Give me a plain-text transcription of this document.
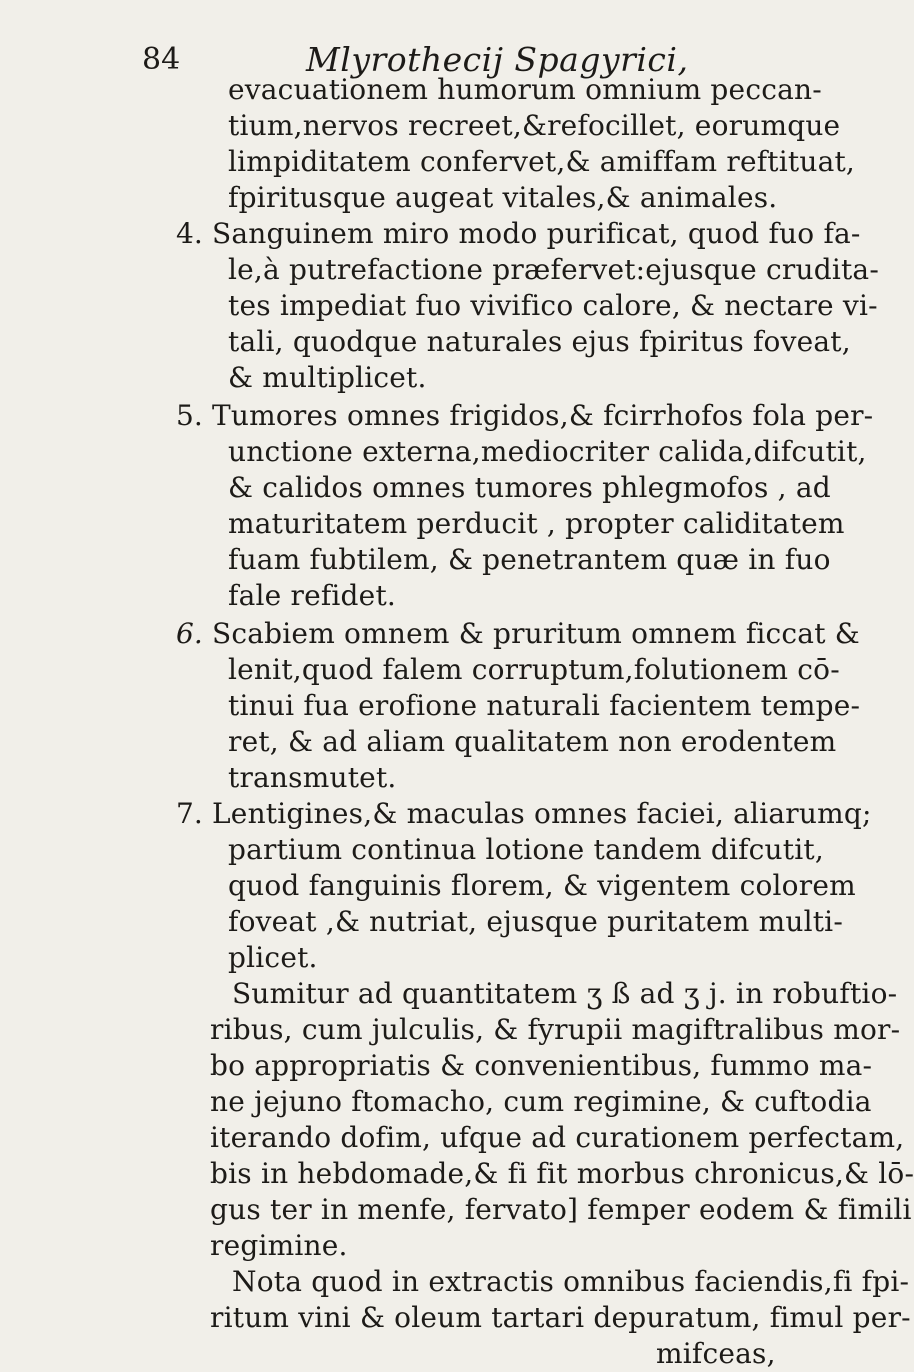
84	Mlyrothecij Spagyrici,
evacuationem humorum omnium peccan-
tium,nervos recreet,&refocillet, eorumque
limpiditatem confervet,& amiffam reftituat,
fpiritusque augeat vitales,& animales.
4. Sanguinem miro modo purificat, quod fuo fa-
le,à putrefactione præfervet:ejusque crudita-
tes impediat fuo vivifico calore, & nectare vi-
tali, quodque naturales ejus fpiritus foveat,
& multiplicet.
5. Tumores omnes frigidos,& fcirrhofos fola per-
unctione externa,mediocriter calida,difcutit,
& calidos omnes tumores phlegmofos , ad
maturitatem perducit , propter caliditatem
fuam fubtilem, & penetrantem quæ in fuo
fale refidet.
6. Scabiem omnem & pruritum omnem ficcat &
lenit,quod falem corruptum,folutionem cō-
tinui fua erofione naturali facientem tempe-
ret, & ad aliam qualitatem non erodentem
transmutet.
7. Lentigines,& maculas omnes faciei, aliarumq;
partium continua lotione tandem difcutit,
quod fanguinis florem, & vigentem colorem
foveat ,& nutriat, ejusque puritatem multi-
plicet.
Sumitur ad quantitatem ʒ ß ad ʒ j. in robuftio-
ribus, cum julculis, & fyrupii magiftralibus mor-
bo appropriatis & convenientibus, fummo ma-
ne jejuno ftomacho, cum regimine, & cuftodia
iterando dofim, ufque ad curationem perfectam,
bis in hebdomade,& fi fit morbus chronicus,& lō-
gus ter in menfe, fervato] femper eodem & fimili
regimine.
Nota quod in extractis omnibus faciendis,fi fpi-
ritum vini & oleum tartari depuratum, fimul per-
mifceas,
